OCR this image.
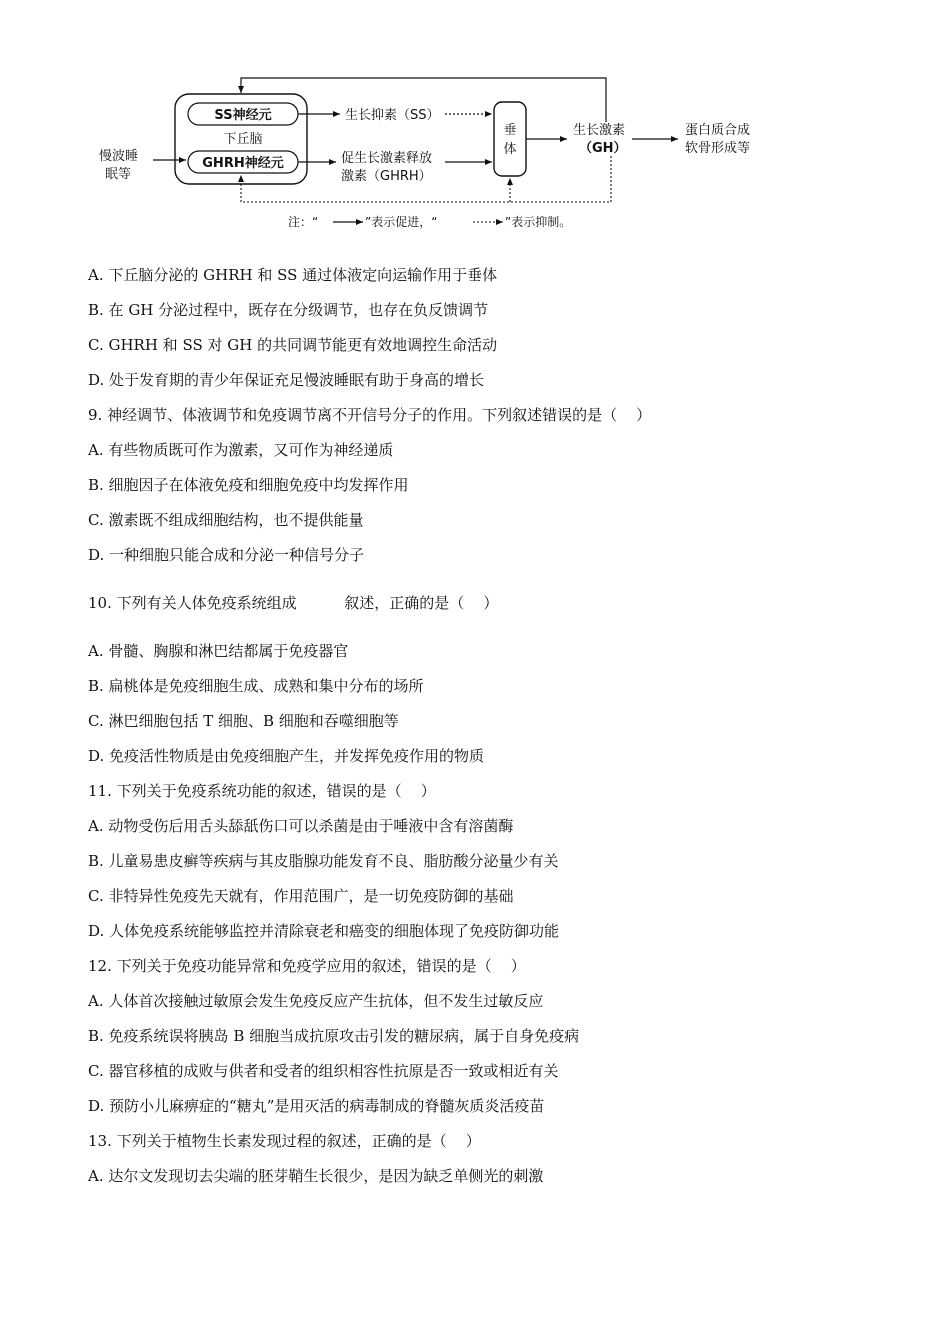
慢波睡
眠等
SS神经元
下丘脑
GHRH神经元
生长抑素（SS）
促生长激素释放
激素（GHRH）
垂
体
生长激素
（GH）
蛋白质合成
软骨形成等
注：“	”表示促进，“	”表示抑制。
A. 下丘脑分泌的 GHRH 和 SS 通过体液定向运输作用于垂体
B. 在 GH 分泌过程中，既存在分级调节，也存在负反馈调节
C. GHRH 和 SS 对 GH 的共同调节能更有效地调控生命活动
D. 处于发育期的青少年保证充足慢波睡眠有助于身高的增长
9. 神经调节、体液调节和免疫调节离不开信号分子的作用。下列叙述错误的是（    ）
A. 有些物质既可作为激素，又可作为神经递质
B. 细胞因子在体液免疫和细胞免疫中均发挥作用
C. 激素既不组成细胞结构，也不提供能量
D. 一种细胞只能合成和分泌一种信号分子
10. 下列有关人体免疫系统组成          叙述，正确的是（    ）
A. 骨髓、胸腺和淋巴结都属于免疫器官
B. 扁桃体是免疫细胞生成、成熟和集中分布的场所
C. 淋巴细胞包括 T 细胞、B 细胞和吞噬细胞等
D. 免疫活性物质是由免疫细胞产生，并发挥免疫作用的物质
11. 下列关于免疫系统功能的叙述，错误的是（    ）
A. 动物受伤后用舌头舔舐伤口可以杀菌是由于唾液中含有溶菌酶
B. 儿童易患皮癣等疾病与其皮脂腺功能发育不良、脂肪酸分泌量少有关
C. 非特异性免疫先天就有，作用范围广，是一切免疫防御的基础
D. 人体免疫系统能够监控并清除衰老和癌变的细胞体现了免疫防御功能
12. 下列关于免疫功能异常和免疫学应用的叙述，错误的是（    ）
A. 人体首次接触过敏原会发生免疫反应产生抗体，但不发生过敏反应
B. 免疫系统误将胰岛 B 细胞当成抗原攻击引发的糖尿病，属于自身免疫病
C. 器官移植的成败与供者和受者的组织相容性抗原是否一致或相近有关
D. 预防小儿麻痹症的“糖丸”是用灭活的病毒制成的脊髓灰质炎活疫苗
13. 下列关于植物生长素发现过程的叙述，正确的是（    ）
A. 达尔文发现切去尖端的胚芽鞘生长很少，是因为缺乏单侧光的刺激
